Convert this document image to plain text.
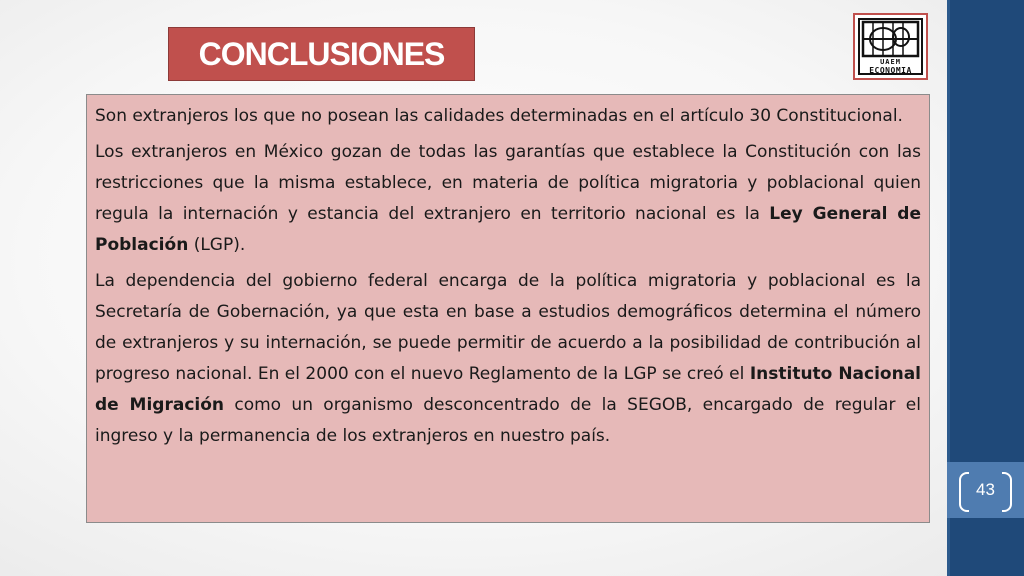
43
CONCLUSIONES	UAEM
ECONOMIA

Son extranjeros los que no posean las calidades determinadas en el artículo 30 Constitucional.

Los extranjeros en México gozan de todas las garantías que establece la Constitución con las restricciones que la misma establece, en materia de política migratoria y poblacional quien regula la internación y estancia del extranjero en territorio nacional es la Ley General de Población (LGP).

La dependencia del gobierno federal encarga de la política migratoria y poblacional es la Secretaría de Gobernación, ya que esta en base a estudios demográficos determina el número de extranjeros y su internación, se puede permitir de acuerdo a la posibilidad de contribución al progreso nacional. En el 2000 con el nuevo Reglamento de la LGP se creó el Instituto Nacional de Migración como un organismo desconcentrado de la SEGOB, encargado de regular el ingreso y la permanencia de los extranjeros en nuestro país.
